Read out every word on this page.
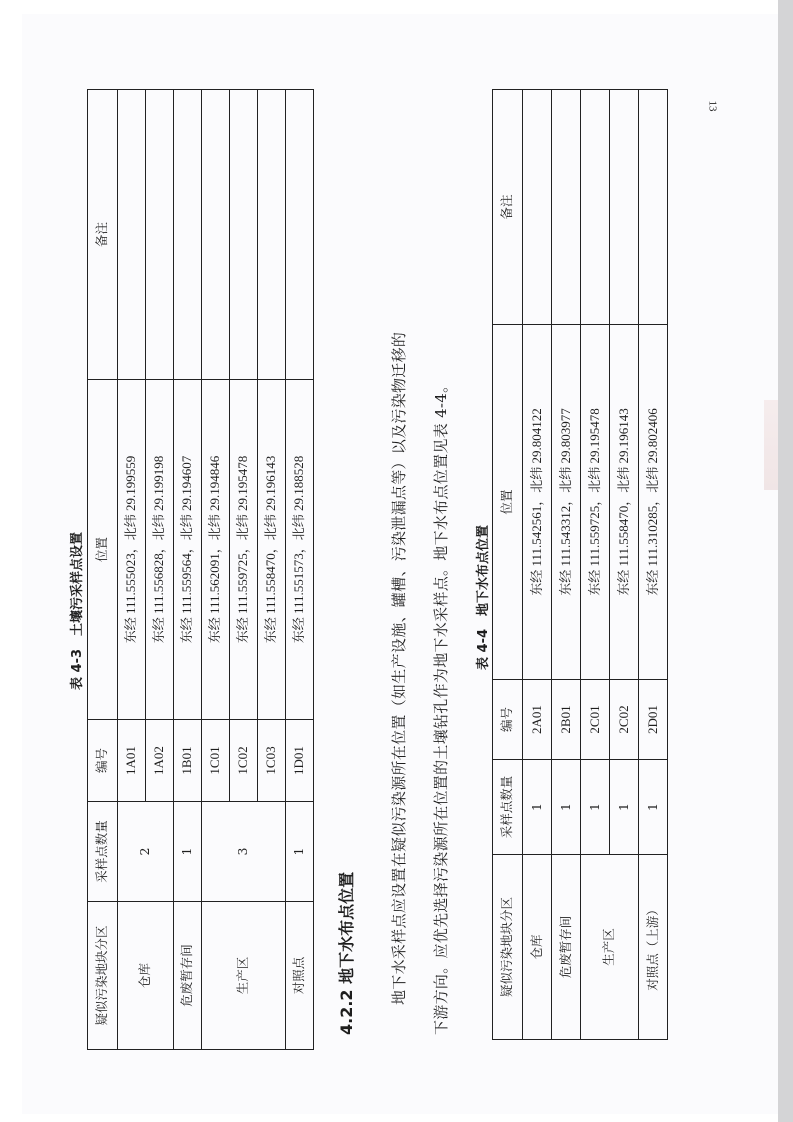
13
表 4-3　土壤污采样点设置
疑似污染地块分区	采样点数量	编号	位置	备注
仓库	2	1A01	东经 111.555023，北纬 29.199559	
		1A02	东经 111.556828，北纬 29.199198	
危废暂存间	1	1B01	东经 111.559564，北纬 29.194607	
生产区	3	1C01	东经 111.562091，北纬 29.194846	
		1C02	东经 111.559725，北纬 29.195478	
		1C03	东经 111.558470，北纬 29.196143	
对照点	1	1D01	东经 111.551573，北纬 29.188528	
4.2.2 地下水布点位置 地下水采样点应设置在疑似污染源所在位置（如生产设施、罐槽、污染泄漏点等）以及污染物迁移的 下游方向。应优先选择污染源所在位置的土壤钻孔作为地下水采样点。地下水布点位置见表 4-4。	表 4-4　地下水布点位置
疑似污染地块分区	采样点数量	编号	位置	备注
仓库	1	2A01	东经 111.542561，北纬 29.804122	
危废暂存间	1	2B01	东经 111.543312，北纬 29.803977	
生产区	1	2C01	东经 111.559725，北纬 29.195478	
	1	2C02	东经 111.558470，北纬 29.196143	
对照点（上游）	1	2D01	东经 111.310285，北纬 29.802406	
